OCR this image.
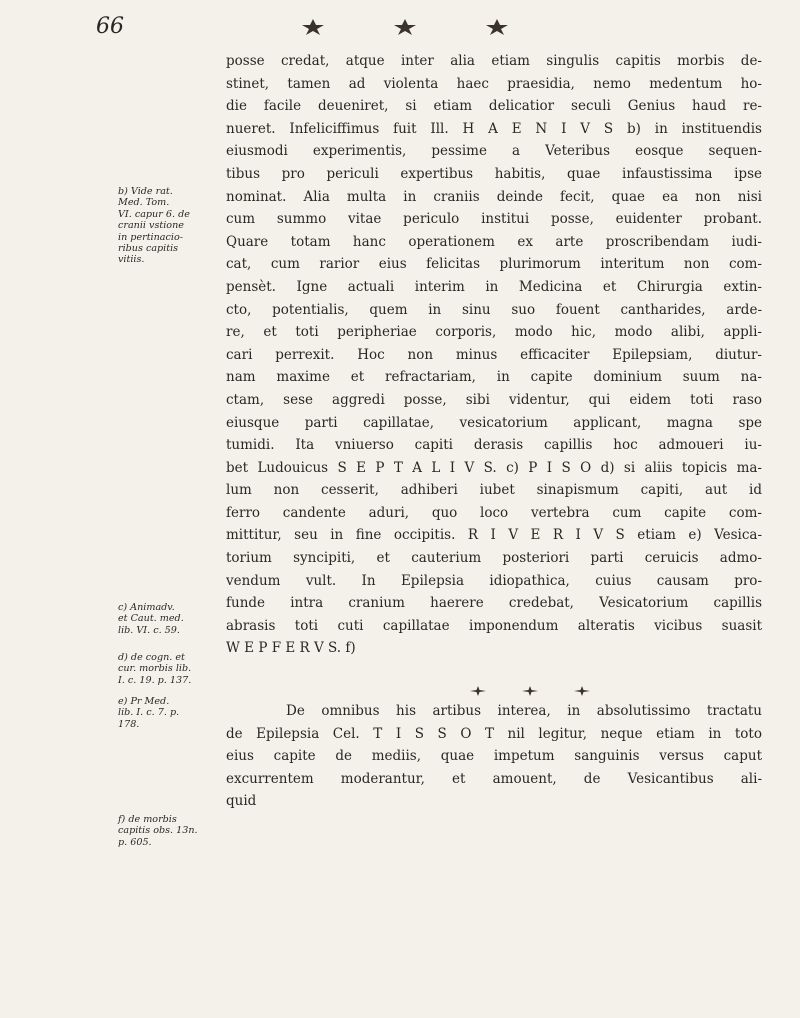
66
posse credat, atque inter alia etiam singulis capitis morbis de-
stinet, tamen ad violenta haec praesidia, nemo medentum ho-
die facile deueniret, si etiam delicatior seculi Genius haud re-
nueret. Infeliciffimus fuit Ill. H A E N I V S b) in instituendis
eiusmodi experimentis, pessime a Veteribus eosque sequen-
tibus pro periculi expertibus habitis, quae infaustissima ipse
nominat. Alia multa in craniis deinde fecit, quae ea non nisi
cum summo vitae periculo institui posse, euidenter probant.
Quare totam hanc operationem ex arte proscribendam iudi-
cat, cum rarior eius felicitas plurimorum interitum non com-
pensèt. Igne actuali interim in Medicina et Chirurgia extin-
cto, potentialis, quem in sinu suo fouent cantharides, arde-
re, et toti peripheriae corporis, modo hic, modo alibi, appli-
cari perrexit. Hoc non minus efficaciter Epilepsiam, diutur-
nam maxime et refractariam, in capite dominium suum na-
ctam, sese aggredi posse, sibi videntur, qui eidem toti raso
eiusque parti capillatae, vesicatorium applicant, magna spe
tumidi. Ita vniuerso capiti derasis capillis hoc admoueri iu-
bet Ludouicus S E P T A L I V S. c) P I S O d) si aliis topicis ma-
lum non cesserit, adhiberi iubet sinapismum capiti, aut id
ferro candente aduri, quo loco vertebra cum capite com-
mittitur, seu in fine occipitis. R I V E R I V S etiam e) Vesica-
torium syncipiti, et cauterium posteriori parti ceruicis admo-
vendum vult. In Epilepsia idiopathica, cuius causam pro-
funde intra cranium haerere credebat, Vesicatorium capillis
abrasis toti cuti capillatae imponendum alteratis vicibus suasit
W E P F E R V S. f)
b) Vide rat.
Med. Tom.
VI. capur 6. de
cranii vstione
in pertinacio-
ribus capitis
vitiis.
c) Animadv.
et Caut. med.
lib. VI. c. 59.
d) de cogn. et
cur. morbis lib.
I. c. 19. p. 137.
e) Pr Med.
lib. I. c. 7. p.
178.
f) de morbis
capitis obs. 13n.
p. 605.
De omnibus his artibus interea, in absolutissimo tractatu
de Epilepsia Cel. T I S S O T nil legitur, neque etiam in toto
eius capite de mediis, quae impetum sanguinis versus caput
excurrentem moderantur, et amouent, de Vesicantibus ali-
quid
